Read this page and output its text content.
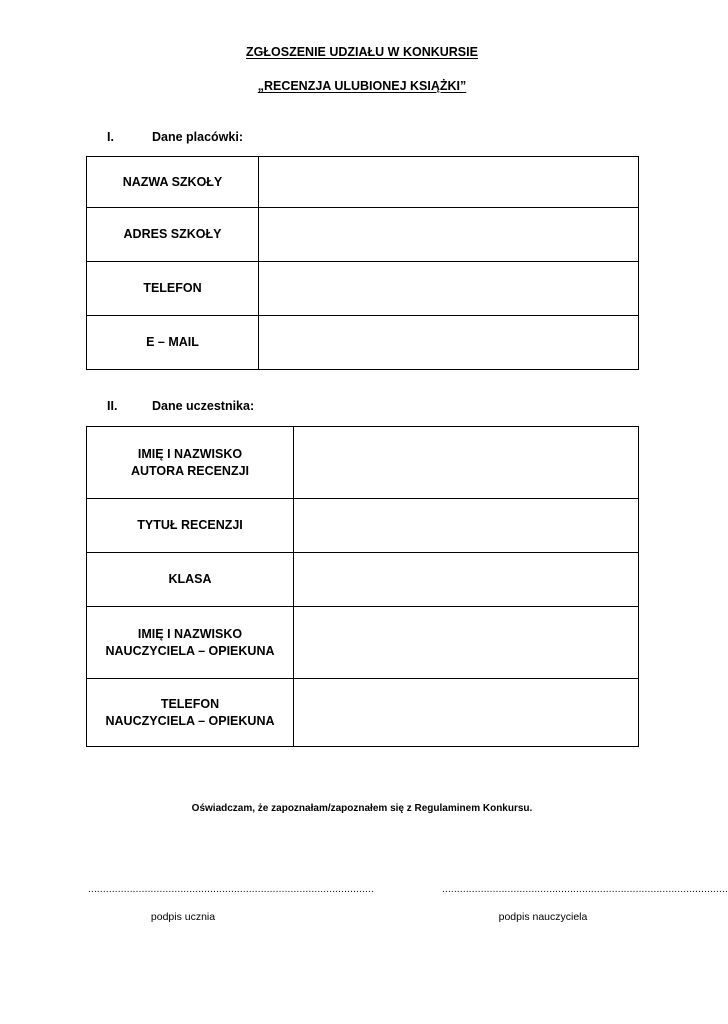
ZGŁOSZENIE UDZIAŁU W KONKURSIE
„RECENZJA ULUBIONEJ KSIĄŻKI”
I.	Dane placówki:
NAZWA SZKOŁY	
ADRES SZKOŁY	
TELEFON	
E – MAIL	
II.	Dane uczestnika:
IMIĘ I NAZWISKO
AUTORA RECENZJI	

TYTUŁ RECENZJI	

KLASA	

IMIĘ I NAZWISKO
NAUCZYCIELA – OPIEKUNA	

TELEFON
NAUCZYCIELA – OPIEKUNA	

Oświadczam, że zapoznałam/zapoznałem się z Regulaminem Konkursu.
................................................................................................	................................................................................................
podpis ucznia	podpis nauczyciela
